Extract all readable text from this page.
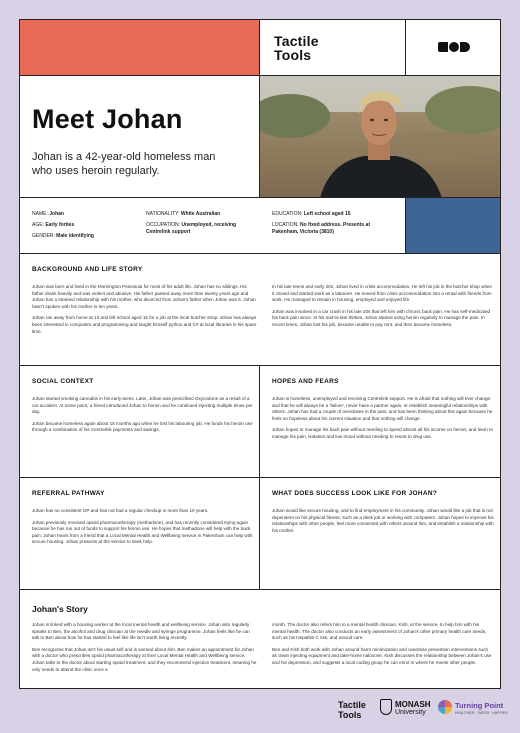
Tactile Tools
Meet Johan

Johan is a 42-year-old homeless man who uses heroin regularly.

NAME: Johan
AGE: Early forties
GENDER: Male identifying
NATIONALITY: White Australian
OCCUPATION: Unemployed, receiving Centrelink support
EDUCATION: Left school aged 15
LOCATION: No fixed address. Presents at Pakenham, Victoria (3810)
BACKGROUND AND LIFE STORY

Johan was born and lived in the Mornington Peninsula for most of his adult life. Johan has no siblings. His father drank heavily and was violent and abusive. His father passed away more than twenty years ago and Johan has a strained relationship with his mother, who divorced from Johan's father when Johan was 5. Johan hasn't spoken with his mother in ten years.

Johan ran away from home at 13 and left school aged 15 for a job at the local butcher shop. Johan has always been interested in computers and programming and taught himself python and C# at local libraries in his spare time.

In his late teens and early 20s, Johan lived in crisis accommodation. He left his job in the butcher shop when it closed and started work as a labourer. He moved from crisis accommodation into a rental with friends from work. He managed to remain in housing, employed and enjoyed life.

Johan was involved in a car crash in his late 20s that left him with chronic back pain. He has self-medicated his back pain since. In his mid-to-late thirties, Johan started using heroin regularly to manage the pain. In recent times, Johan lost his job, became unable to pay rent, and then became homeless.

SOCIAL CONTEXT

Johan started smoking cannabis in his early teens. Later, Johan was prescribed Oxycodone as a result of a car accident. At some point, a friend introduced Johan to heroin and he continued injecting multiple times per day.

Johan became homeless again about 18 months ago when he lost his labouring job. He funds his heroin use through a combination of his Centrelink payments and savings.

HOPES AND FEARS

Johan is homeless, unemployed and receiving Centrelink support. He is afraid that nothing will ever change, and that he will always be a 'failure', never have a partner again, or establish meaningful relationships with others. Johan has had a couple of overdoses in the past, and has been thinking about this again because he feels so hopeless about his current situation and that nothing will change.

Johan hopes to manage his back pain without needing to spend almost all his income on heroin, and learn to manage his pain, isolation and low mood without needing to resort to drug use.

REFERRAL PATHWAY

Johan has no consistent GP and has not had a regular checkup in more than 10 years.

Johan previously received opioid pharmacotherapy (methadone), and has recently considered trying again because he has run out of funds to support his heroin use. He hopes that methadone will help with the back pain. Johan hears from a friend that a Local Mental Health and Wellbeing service in Pakenham can help with secure housing. Johan presents at the service to seek help.

WHAT DOES SUCCESS LOOK LIKE FOR JOHAN?

Johan would like secure housing, and to find employment in his community. Johan would like a job that is not dependent on his physical fitness, such as a desk job or working with computers. Johan hopes to improve his relationships with other people, feel more connected with others around him, and establish a relationship with his mother.

Johan's Story

Johan is linked with a housing worker at the local mental health and wellbeing service. Johan also regularly speaks to Ben, the alcohol and drug clinician at the needle and syringe programme. Johan feels like he can talk to Ben about how he has started to feel like life isn't worth living recently.

Ben recognizes that Johan isn't his usual self and is worried about him. Ben makes an appointment for Johan with a doctor who prescribes opioid pharmacotherapy at their Local Mental Health and Wellbeing service. Johan talks to the doctor about starting opioid treatment, and they recommend injection treatment, meaning he only needs to attend the clinic once a

month. The doctor also refers him to a mental health clinician, Kish, at the service, to help him with his mental health. The doctor also conducts an early assessment of Johan's other primary health care needs, such as his Hepatitis C risk, and wound care.

Ben and Kish both work with Johan around harm minimization and overdose prevention interventions such as clean injecting equipment and take-home naloxone. Kish discusses the relationship between Johan's use and his depression, and suggests a local coding group he can enrol in where he meets other people.

Tactile Tools
MONASH
University
Turning Point
HEALTHIER · SAFER · HAPPIER
